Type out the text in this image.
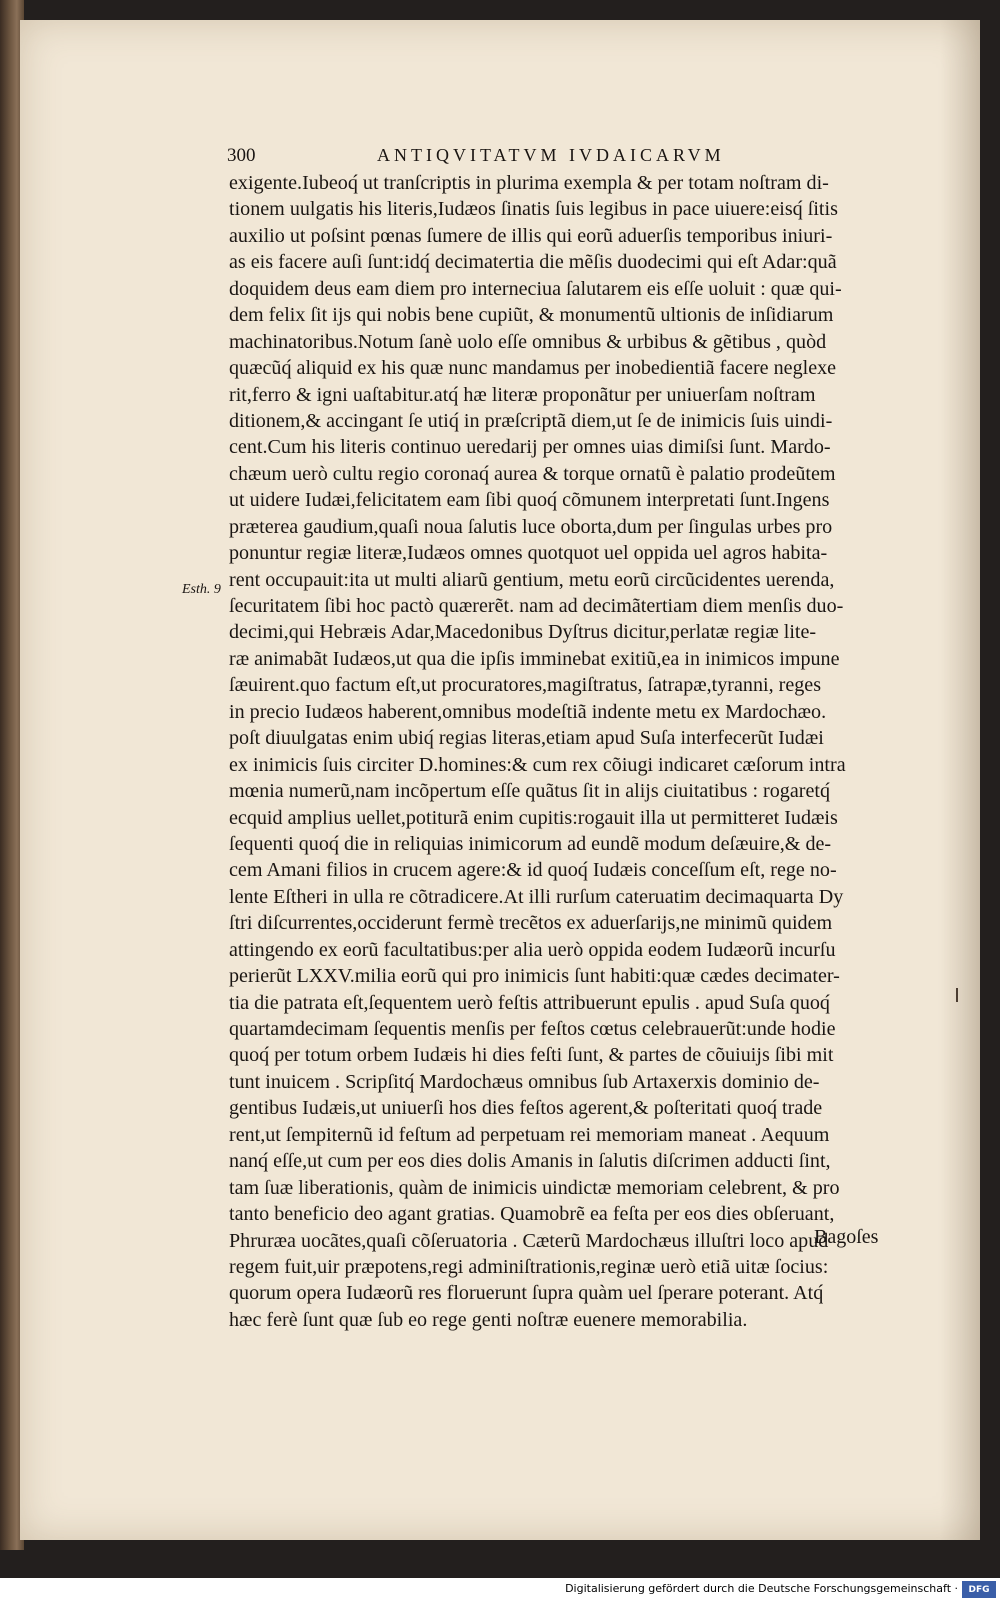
300	ANTIQVITATVM IVDAICARVM
Esth. 9
exigente.Iubeoq́ ut tranſcriptis in plurima exempla & per totam noſtram di-
tionem uulgatis his literis,Iudæos ſinatis ſuis legibus in pace uiuere:eisq́ ſitis
auxilio ut poſsint pœnas ſumere de illis qui eorũ aduerſis temporibus iniuri-
as eis facere auſi ſunt:idq́ decimatertia die mẽſis duodecimi qui eſt Adar:quã
doquidem deus eam diem pro interneciua ſalutarem eis eſſe uoluit : quæ qui-
dem felix ſit ijs qui nobis bene cupiũt, & monumentũ ultionis de inſidiarum
machinatoribus.Notum ſanè uolo eſſe omnibus & urbibus & gẽtibus , quòd
quæcũq́ aliquid ex his quæ nunc mandamus per inobedientiã facere neglexe
rit,ferro & igni uaſtabitur.atq́ hæ literæ proponãtur per uniuerſam noſtram
ditionem,& accingant ſe utiq́ in præſcriptã diem,ut ſe de inimicis ſuis uindi-
cent.Cum his literis continuo ueredarij per omnes uias dimiſsi ſunt. Mardo-
chæum uerò cultu regio coronaq́ aurea & torque ornatũ è palatio prodeũtem
ut uidere Iudæi,felicitatem eam ſibi quoq́ cõmunem interpretati ſunt.Ingens
præterea gaudium,quaſi noua ſalutis luce oborta,dum per ſingulas urbes pro
ponuntur regiæ literæ,Iudæos omnes quotquot uel oppida uel agros habita-
rent occupauit:ita ut multi aliarũ gentium, metu eorũ circũcidentes uerenda,
ſecuritatem ſibi hoc pactò quærerẽt. nam ad decimãtertiam diem menſis duo-
decimi,qui Hebræis Adar,Macedonibus Dyſtrus dicitur,perlatæ regiæ lite-
ræ animabãt Iudæos,ut qua die ipſis imminebat exitiũ,ea in inimicos impune
ſæuirent.quo factum eſt,ut procuratores,magiſtratus, ſatrapæ,tyranni, reges
in precio Iudæos haberent,omnibus modeſtiã indente metu ex Mardochæo.
poſt diuulgatas enim ubiq́ regias literas,etiam apud Suſa interfecerũt Iudæi
ex inimicis ſuis circiter D.homines:& cum rex cõiugi indicaret cæſorum intra
mœnia numerũ,nam incõpertum eſſe quãtus ſit in alijs ciuitatibus : rogaretq́
ecquid amplius uellet,potiturã enim cupitis:rogauit illa ut permitteret Iudæis
ſequenti quoq́ die in reliquias inimicorum ad eundẽ modum deſæuire,& de-
cem Amani filios in crucem agere:& id quoq́ Iudæis conceſſum eſt, rege no-
lente Eſtheri in ulla re cõtradicere.At illi rurſum cateruatim decimaquarta Dy
ſtri diſcurrentes,occiderunt fermè trecẽtos ex aduerſarijs,ne minimũ quidem
attingendo ex eorũ facultatibus:per alia uerò oppida eodem Iudæorũ incurſu
perierũt LXXV.milia eorũ qui pro inimicis ſunt habiti:quæ cædes decimater-
tia die patrata eſt,ſequentem uerò feſtis attribuerunt epulis . apud Suſa quoq́
quartamdecimam ſequentis menſis per feſtos cœtus celebrauerũt:unde hodie
quoq́ per totum orbem Iudæis hi dies feſti ſunt, & partes de cõuiuijs ſibi mit
tunt inuicem . Scripſitq́ Mardochæus omnibus ſub Artaxerxis dominio de-
gentibus Iudæis,ut uniuerſi hos dies feſtos agerent,& poſteritati quoq́ trade
rent,ut ſempiternũ id feſtum ad perpetuam rei memoriam maneat . Aequum
nanq́ eſſe,ut cum per eos dies dolis Amanis in ſalutis diſcrimen adducti ſint,
tam ſuæ liberationis, quàm de inimicis uindictæ memoriam celebrent, & pro
tanto beneficio deo agant gratias. Quamobrẽ ea feſta per eos dies obſeruant,
Phruræa uocãtes,quaſi cõſeruatoria . Cæterũ Mardochæus illuſtri loco apud
regem fuit,uir præpotens,regi adminiſtrationis,reginæ uerò etiã uitæ ſocius:
quorum opera Iudæorũ res floruerunt ſupra quàm uel ſperare poterant. Atq́
hæc ferè ſunt quæ ſub eo rege genti noſtræ euenere memorabilia.
Bagoſes
Digitalisierung gefördert durch die Deutsche Forschungsgemeinschaft ·	DFG
